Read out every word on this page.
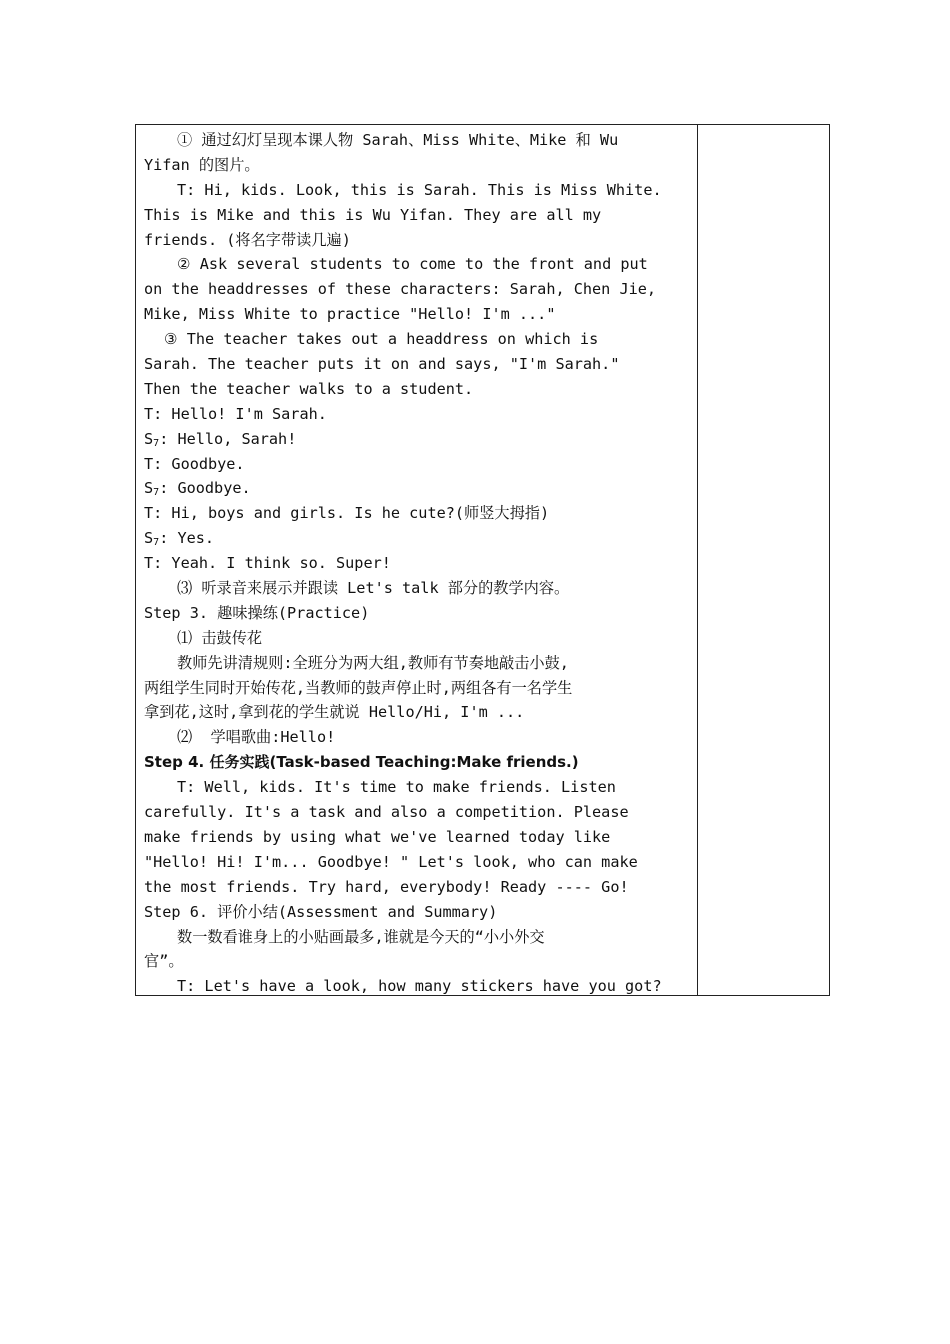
① 通过幻灯呈现本课人物 Sarah、Miss White、Mike 和 Wu
Yifan 的图片。
T: Hi, kids. Look, this is Sarah. This is Miss White.
This is Mike and this is Wu Yifan. They are all my
friends. (将名字带读几遍)
② Ask several students to come to the front and put
on the headdresses of these characters: Sarah, Chen Jie,
Mike, Miss White to practice "Hello! I'm ..."
③ The teacher takes out a headdress on which is
Sarah. The teacher puts it on and says, "I'm Sarah."
Then the teacher walks to a student.
T: Hello! I'm Sarah.
$S_7$: Hello, Sarah!
T: Goodbye.
$S_7$: Goodbye.
T: Hi, boys and girls. Is he cute?(师竖大拇指)
$S_7$: Yes.
T: Yeah. I think so. Super!
⑶ 听录音来展示并跟读 Let's talk 部分的教学内容。
Step 3. 趣味操练(Practice)
⑴ 击鼓传花
教师先讲清规则:全班分为两大组,教师有节奏地敲击小鼓,
两组学生同时开始传花,当教师的鼓声停止时,两组各有一名学生
拿到花,这时,拿到花的学生就说 Hello/Hi, I'm ...
⑵  学唱歌曲:Hello!
Step 4. 任务实践(Task-based Teaching:Make friends.)
T: Well, kids. It's time to make friends. Listen
carefully. It's a task and also a competition. Please
make friends by using what we've learned today like
"Hello! Hi! I'm... Goodbye! " Let's look, who can make
the most friends. Try hard, everybody! Ready ---- Go!
Step 6. 评价小结(Assessment and Summary)
数一数看谁身上的小贴画最多,谁就是今天的“小小外交
官”。
T: Let's have a look, how many stickers have you got?
